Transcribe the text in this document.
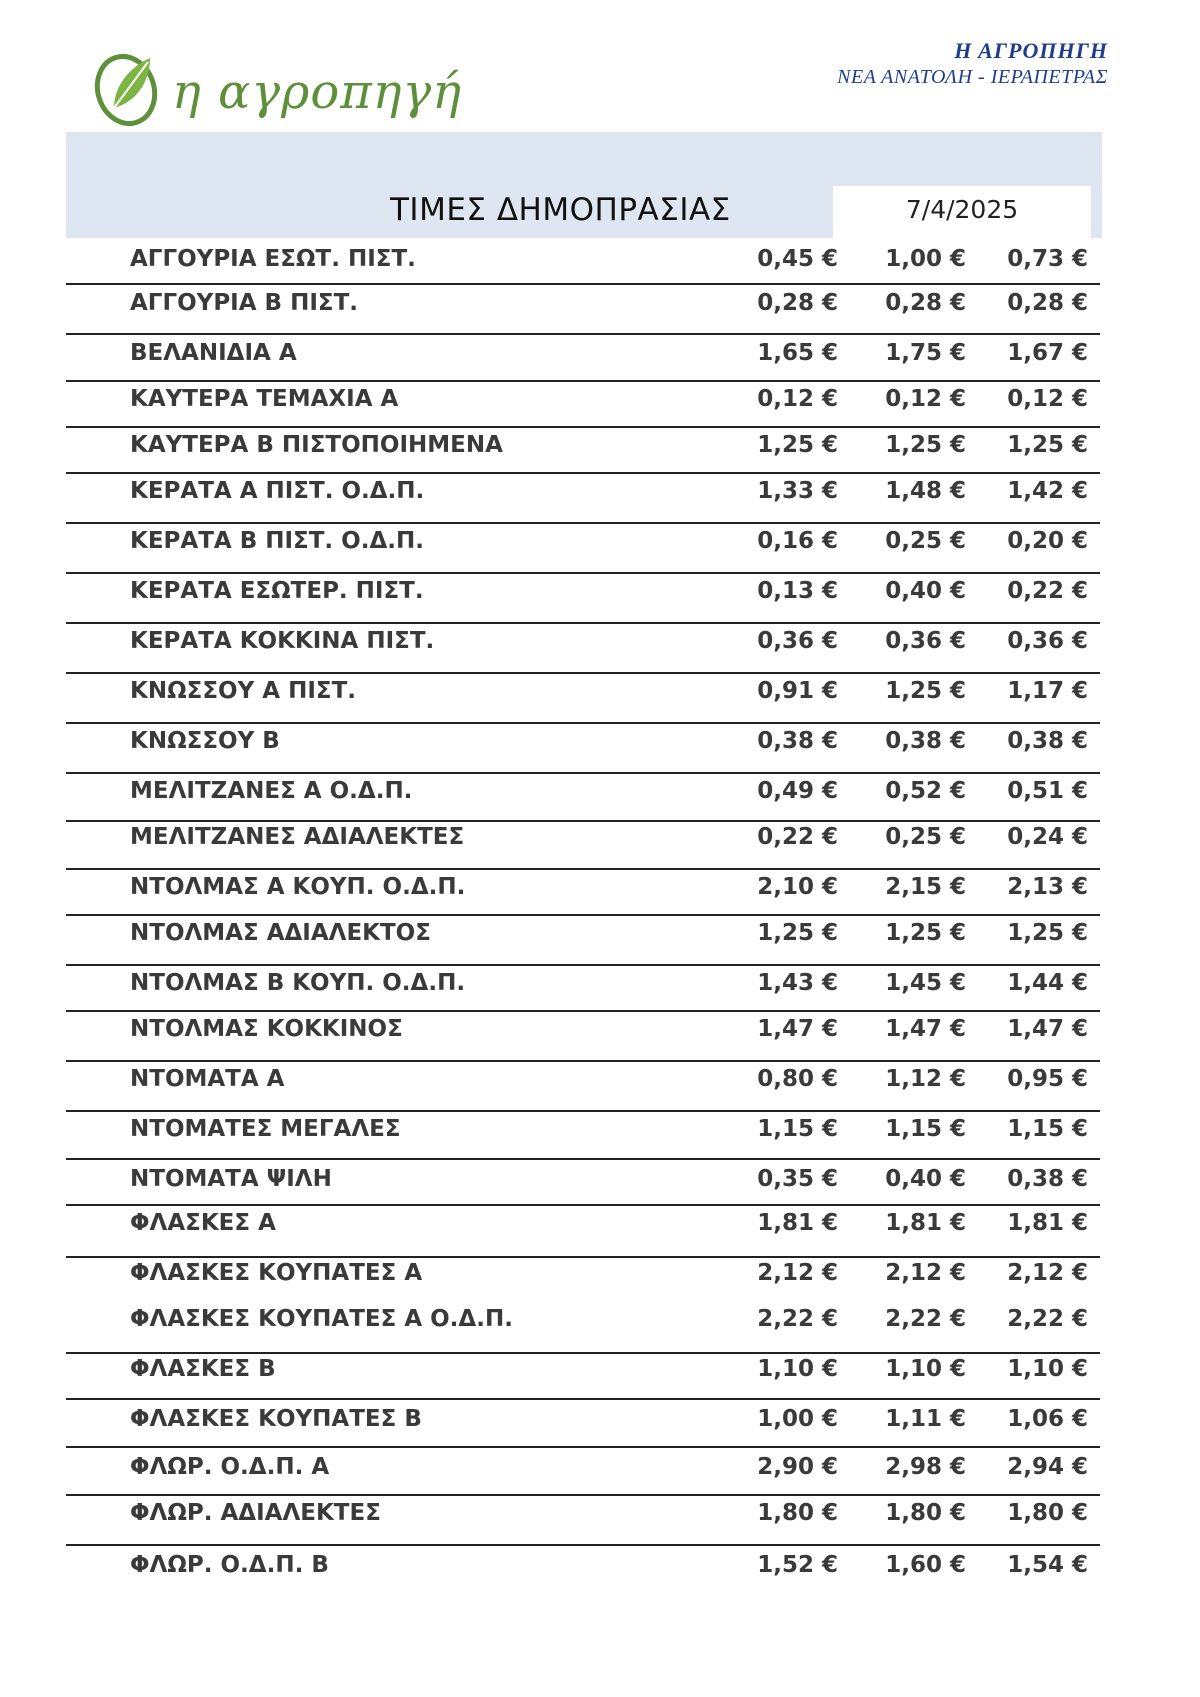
η αγροπηγή
Η ΑΓΡΟΠΗΓΗ
ΝΕΑ ΑΝΑΤΟΛΗ - ΙΕΡΑΠΕΤΡΑΣ
ΤΙΜΕΣ ΔΗΜΟΠΡΑΣΙΑΣ	7/4/2025
ΑΓΓΟΥΡΙΑ ΕΣΩΤ. ΠΙΣΤ.	0,45 € 1,00 € 0,73 €
ΑΓΓΟΥΡΙΑ Β ΠΙΣΤ.	0,28 € 0,28 € 0,28 €
ΒΕΛΑΝΙΔΙΑ Α	1,65 € 1,75 € 1,67 €
ΚΑΥΤΕΡΑ ΤΕΜΑΧΙΑ Α	0,12 € 0,12 € 0,12 €
ΚΑΥΤΕΡΑ Β ΠΙΣΤΟΠΟΙΗΜΕΝΑ	1,25 € 1,25 € 1,25 €
ΚΕΡΑΤΑ Α ΠΙΣΤ. Ο.Δ.Π.	1,33 € 1,48 € 1,42 €
ΚΕΡΑΤΑ Β ΠΙΣΤ. Ο.Δ.Π.	0,16 € 0,25 € 0,20 €
ΚΕΡΑΤΑ ΕΣΩΤΕΡ. ΠΙΣΤ.	0,13 € 0,40 € 0,22 €
ΚΕΡΑΤΑ ΚΟΚΚΙΝΑ ΠΙΣΤ.	0,36 € 0,36 € 0,36 €
ΚΝΩΣΣΟΥ Α ΠΙΣΤ.	0,91 € 1,25 € 1,17 €
ΚΝΩΣΣΟΥ Β	0,38 € 0,38 € 0,38 €
ΜΕΛΙΤΖΑΝΕΣ Α Ο.Δ.Π.	0,49 € 0,52 € 0,51 €
ΜΕΛΙΤΖΑΝΕΣ ΑΔΙΑΛΕΚΤΕΣ	0,22 € 0,25 € 0,24 €
ΝΤΟΛΜΑΣ Α ΚΟΥΠ. Ο.Δ.Π.	2,10 € 2,15 € 2,13 €
ΝΤΟΛΜΑΣ ΑΔΙΑΛΕΚΤΟΣ	1,25 € 1,25 € 1,25 €
ΝΤΟΛΜΑΣ Β ΚΟΥΠ. Ο.Δ.Π.	1,43 € 1,45 € 1,44 €
ΝΤΟΛΜΑΣ ΚΟΚΚΙΝΟΣ	1,47 € 1,47 € 1,47 €
ΝΤΟΜΑΤΑ Α	0,80 € 1,12 € 0,95 €
ΝΤΟΜΑΤΕΣ ΜΕΓΑΛΕΣ	1,15 € 1,15 € 1,15 €
ΝΤΟΜΑΤΑ ΨΙΛΗ	0,35 € 0,40 € 0,38 €
ΦΛΑΣΚΕΣ Α	1,81 € 1,81 € 1,81 €
ΦΛΑΣΚΕΣ ΚΟΥΠΑΤΕΣ Α	2,12 € 2,12 € 2,12 €
ΦΛΑΣΚΕΣ ΚΟΥΠΑΤΕΣ Α Ο.Δ.Π.	2,22 € 2,22 € 2,22 €
ΦΛΑΣΚΕΣ Β	1,10 € 1,10 € 1,10 €
ΦΛΑΣΚΕΣ ΚΟΥΠΑΤΕΣ Β	1,00 € 1,11 € 1,06 €
ΦΛΩΡ. Ο.Δ.Π. Α	2,90 € 2,98 € 2,94 €
ΦΛΩΡ. ΑΔΙΑΛΕΚΤΕΣ	1,80 € 1,80 € 1,80 €
ΦΛΩΡ. Ο.Δ.Π. Β	1,52 € 1,60 € 1,54 €
